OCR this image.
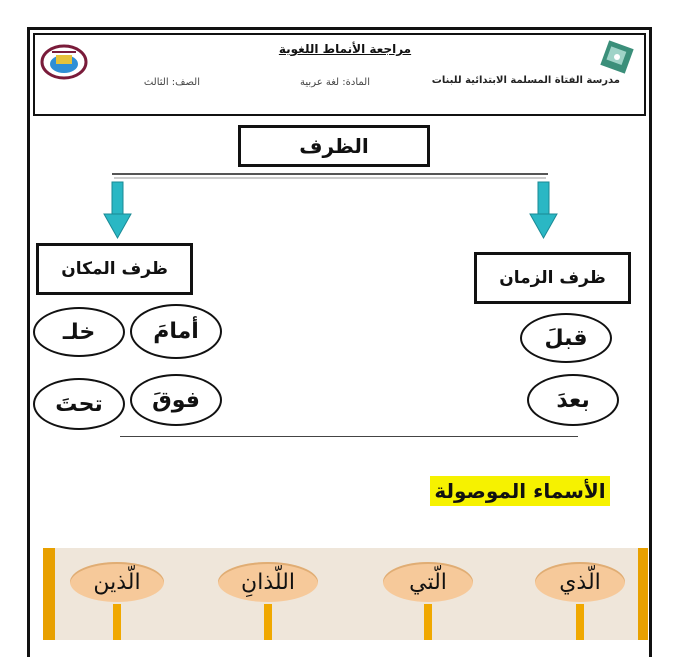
مراجعة الأنماط اللغوية
مدرسة الفتاة المسلمة الابتدائية للبنات
المادة: لغة عربية
الصف: الثالث
الظرف
ظرف المكان	ظرف الزمان
أمامَ
خلـ
فوقَ
تحتَ
قبلَ
بعدَ
الأسماء الموصولة
الّذي
الّتي
اللّذانِ
الّذين
